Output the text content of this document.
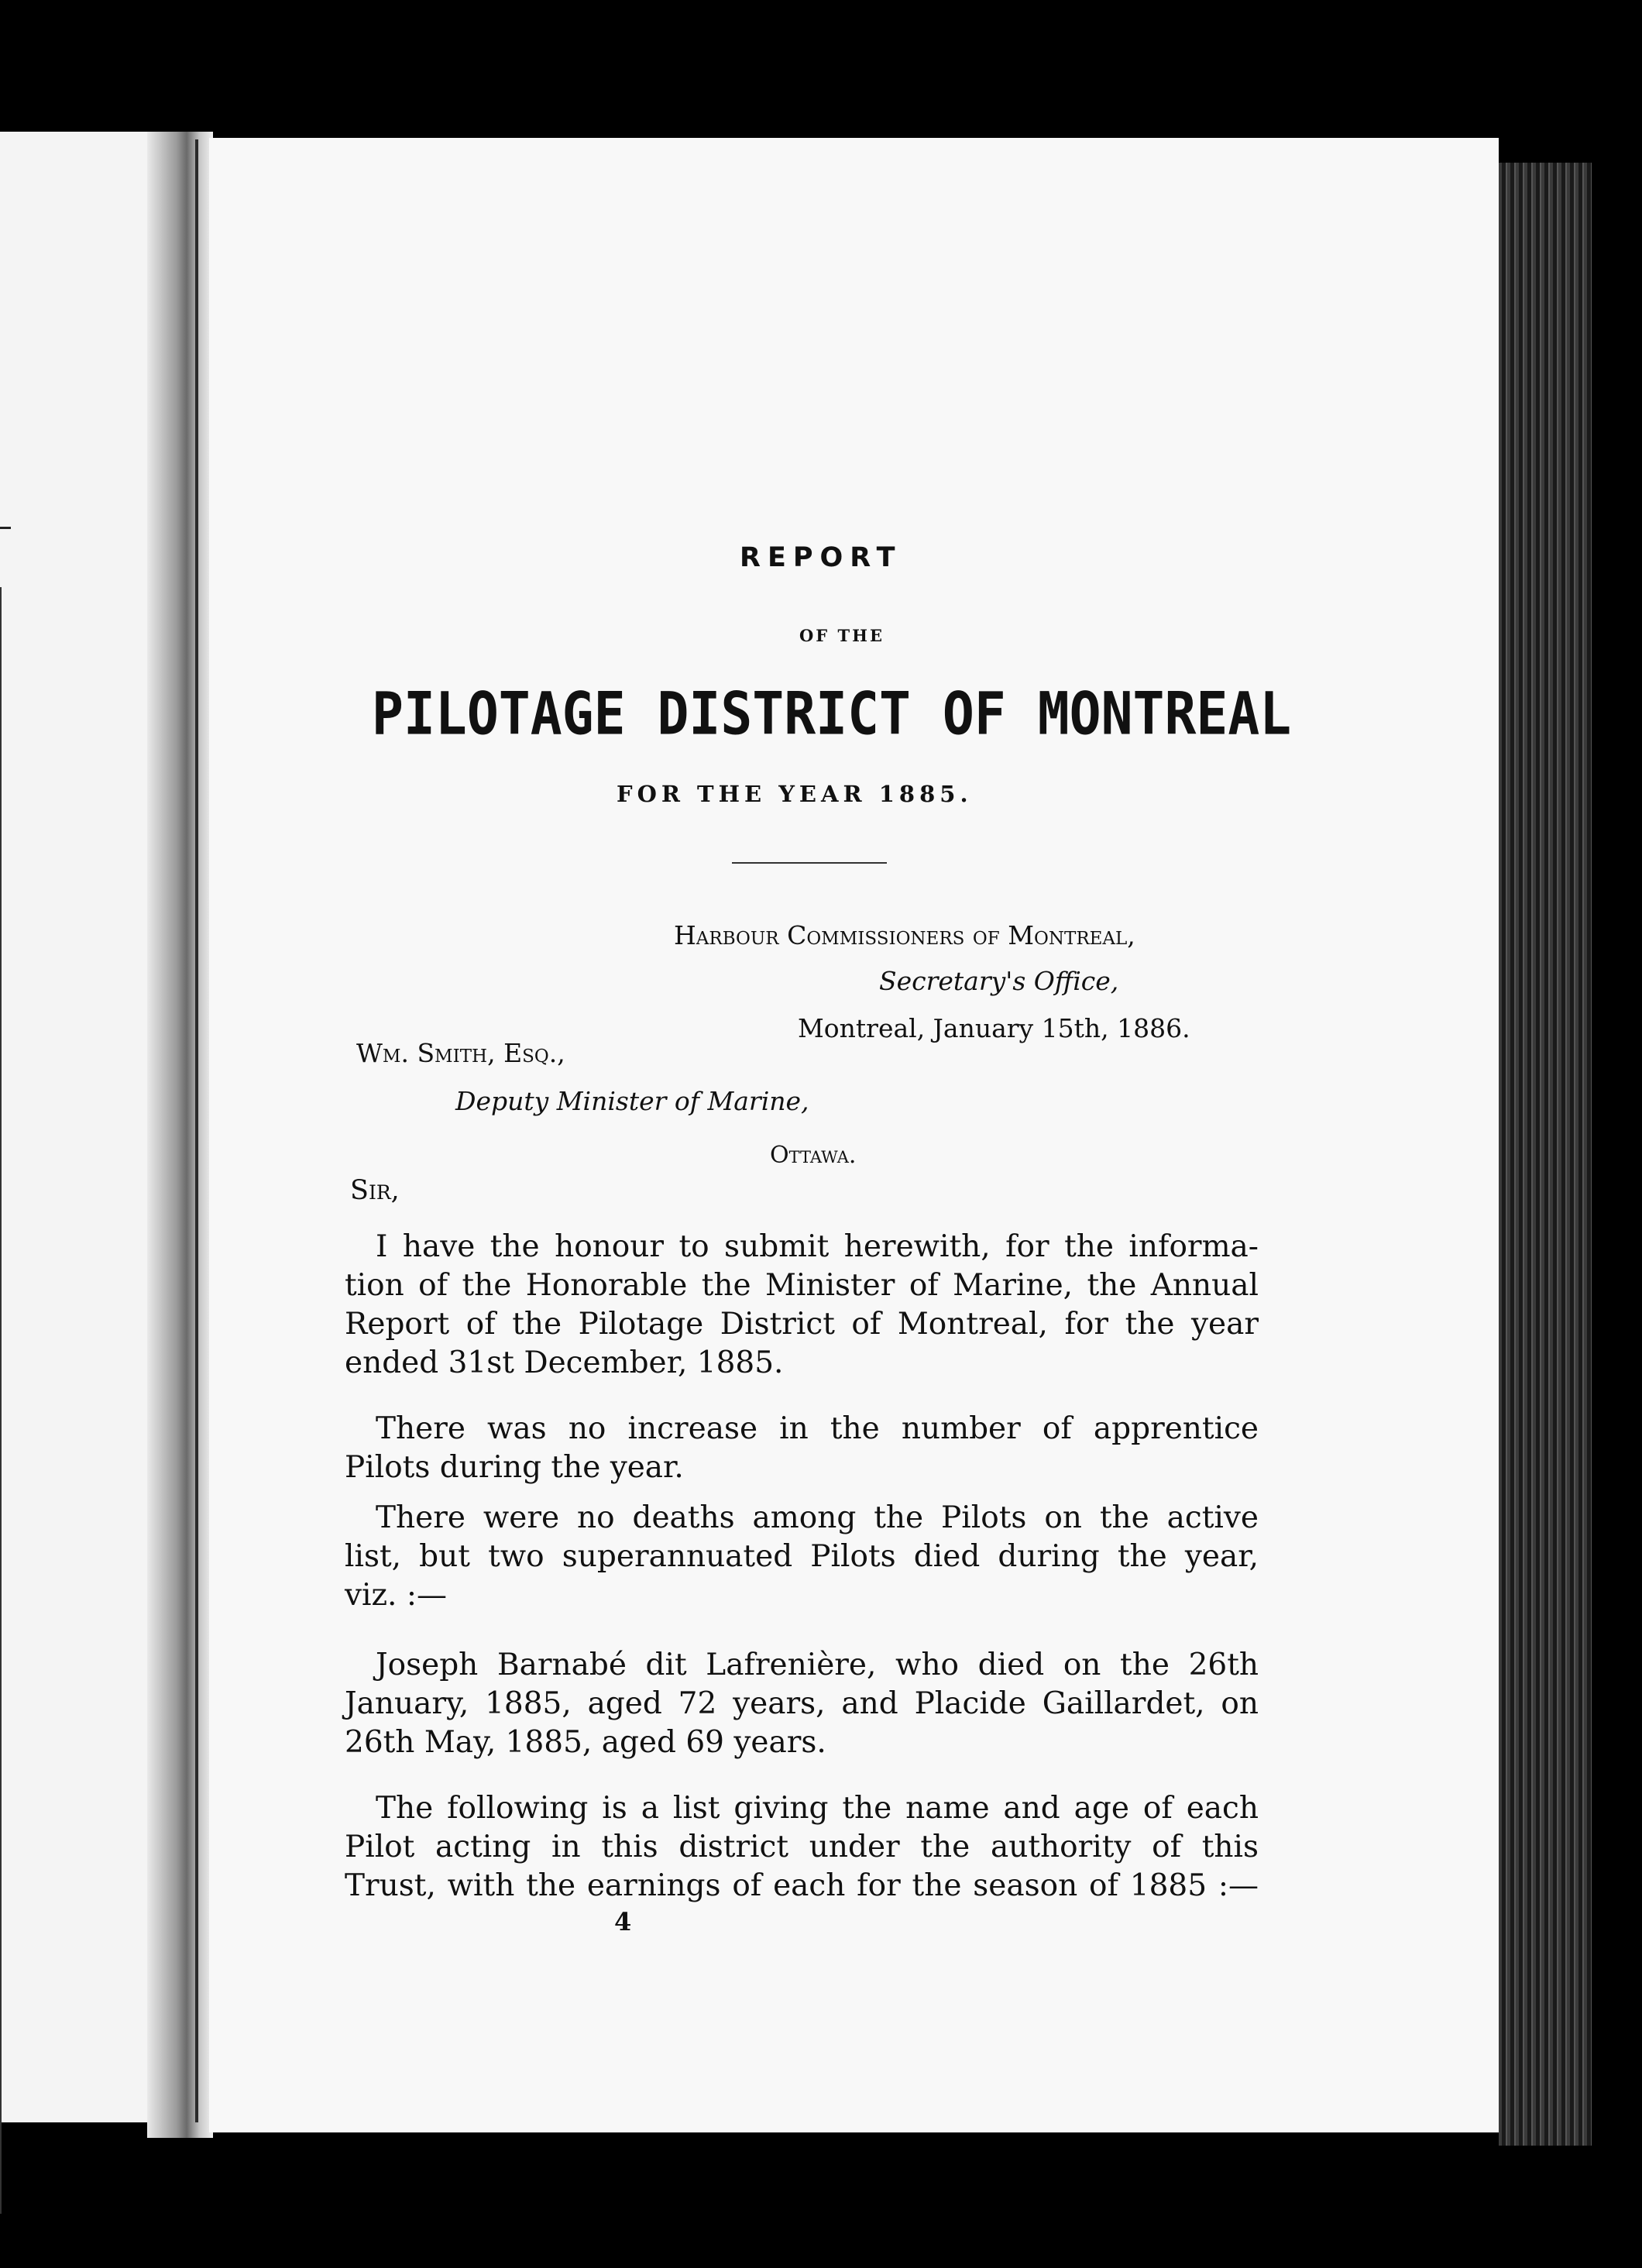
REPORT
OF THE
PILOTAGE DISTRICT OF MONTREAL
FOR THE YEAR 1885.
Harbour Commissioners of Montreal,
Secretary's Office,
Montreal, January 15th, 1886.
Wm. Smith, Esq.,
Deputy Minister of Marine,
Ottawa.
Sir,
I have the honour to submit herewith, for the informa-
tion of the Honorable the Minister of Marine, the Annual
Report of the Pilotage District of Montreal, for the year
ended 31st December, 1885.
There was no increase in the number of apprentice
Pilots during the year.
There were no deaths among the Pilots on the active
list, but two superannuated Pilots died during the year,
viz. :—
Joseph Barnabé dit Lafrenière, who died on the 26th
January, 1885, aged 72 years, and Placide Gaillardet, on
26th May, 1885, aged 69 years.
The following is a list giving the name and age of each
Pilot acting in this district under the authority of this
Trust, with the earnings of each for the season of 1885 :—
4
